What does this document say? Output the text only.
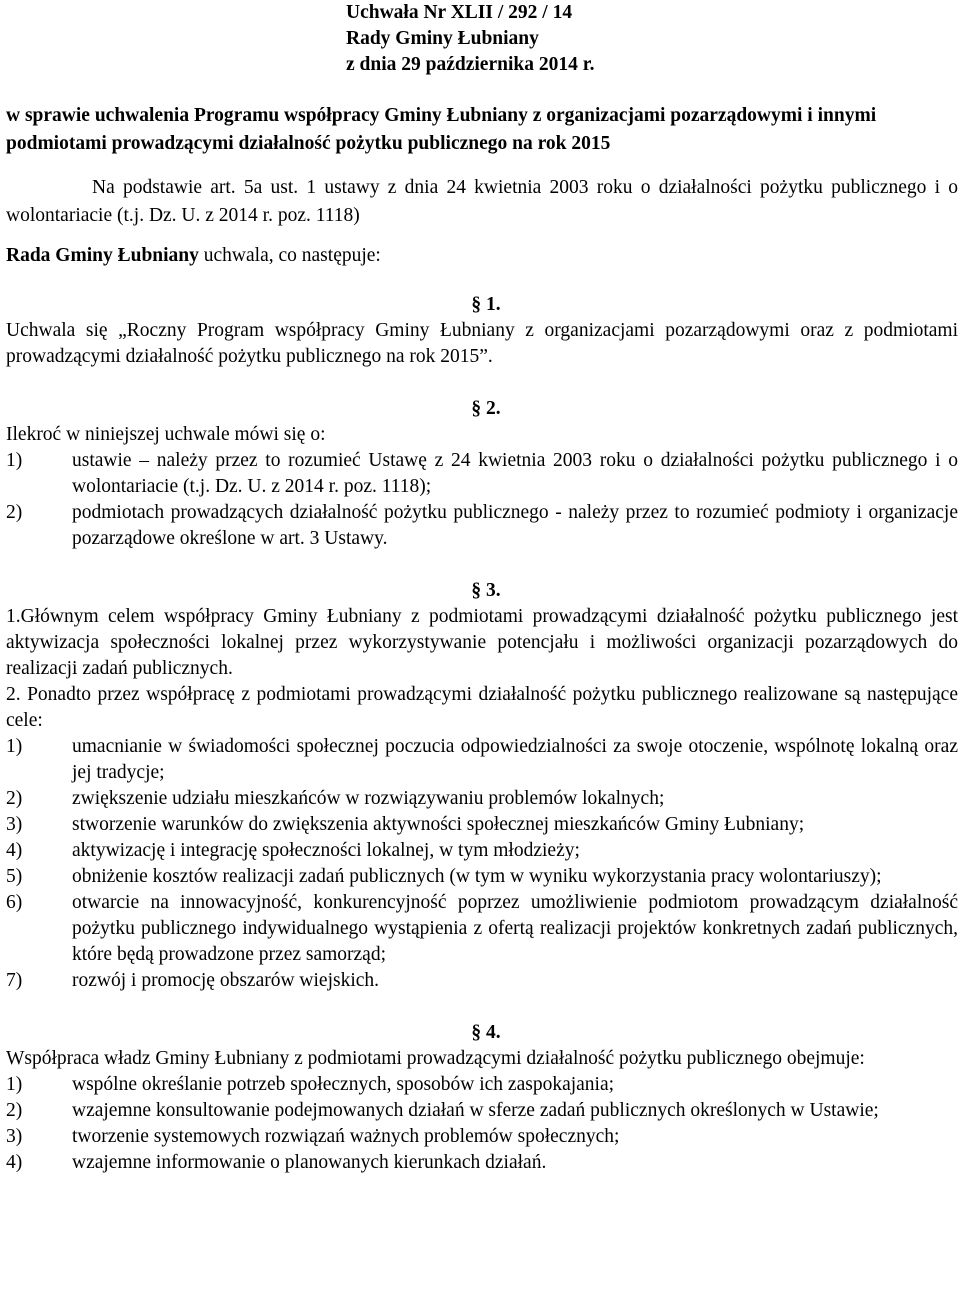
Uchwała Nr XLII / 292 / 14
Rady Gminy Łubniany
z dnia 29 października 2014 r.
w sprawie uchwalenia Programu współpracy Gminy Łubniany z organizacjami pozarządowymi i innymi podmiotami prowadzącymi działalność pożytku publicznego na rok 2015
Na podstawie art. 5a ust. 1 ustawy z dnia 24 kwietnia 2003 roku o działalności pożytku publicznego i o wolontariacie (t.j. Dz. U. z 2014 r. poz. 1118)
Rada Gminy Łubniany uchwala, co następuje:
§ 1.
Uchwala się „Roczny Program współpracy Gminy Łubniany z organizacjami pozarządowymi oraz z podmiotami prowadzącymi działalność pożytku publicznego na rok 2015”.
§ 2.
Ilekroć w niniejszej uchwale mówi się o:
1)	ustawie – należy przez to rozumieć Ustawę z 24 kwietnia 2003 roku o działalności pożytku publicznego i o wolontariacie (t.j. Dz. U. z 2014 r. poz. 1118);
2)	podmiotach prowadzących działalność pożytku publicznego - należy przez to rozumieć podmioty i organizacje pozarządowe określone w art. 3 Ustawy.
§ 3.
1.Głównym celem współpracy Gminy Łubniany z podmiotami prowadzącymi działalność pożytku publicznego jest aktywizacja społeczności lokalnej przez wykorzystywanie potencjału i możliwości organizacji pozarządowych do realizacji zadań publicznych.
2. Ponadto przez współpracę z podmiotami prowadzącymi działalność pożytku publicznego realizowane są następujące cele:
1)	umacnianie w świadomości społecznej poczucia odpowiedzialności za swoje otoczenie, wspólnotę lokalną oraz jej tradycje;
2)	zwiększenie udziału mieszkańców w rozwiązywaniu problemów lokalnych;
3)	stworzenie warunków do zwiększenia aktywności społecznej mieszkańców Gminy Łubniany;
4)	aktywizację i integrację społeczności lokalnej, w tym młodzieży;
5)	obniżenie kosztów realizacji zadań publicznych (w tym w wyniku wykorzystania pracy wolontariuszy);
6)	otwarcie na innowacyjność, konkurencyjność poprzez umożliwienie podmiotom prowadzącym działalność pożytku publicznego indywidualnego wystąpienia z ofertą realizacji projektów konkretnych zadań publicznych, które będą prowadzone przez samorząd;
7)	rozwój i promocję obszarów wiejskich.
§ 4.
Współpraca władz Gminy Łubniany z podmiotami prowadzącymi działalność pożytku publicznego obejmuje:
1)	wspólne określanie potrzeb społecznych, sposobów ich zaspokajania;
2)	wzajemne konsultowanie podejmowanych działań w sferze zadań publicznych określonych w Ustawie;
3)	tworzenie systemowych rozwiązań ważnych problemów społecznych;
4)	wzajemne informowanie o planowanych kierunkach działań.
